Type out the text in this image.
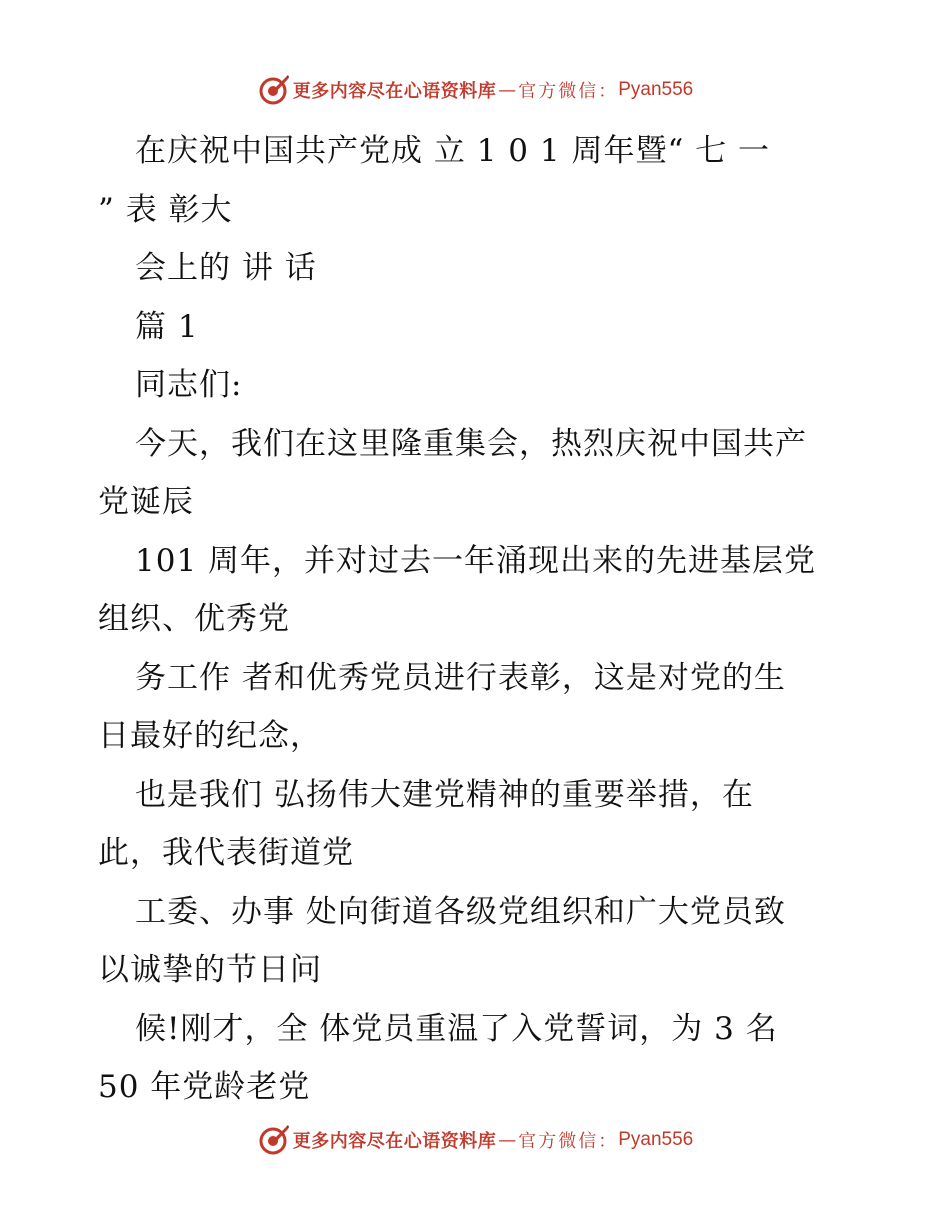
更多内容尽在心语资料库 — 官方微信： Pyan556
在庆祝中国共产党成 立 1 0 1 周年暨“ 七 一
” 表 彰大
会上的 讲 话
篇 1
同志们:
今天，我们在这里隆重集会，热烈庆祝中国共产
党诞辰
101 周年，并对过去一年涌现出来的先进基层党
组织、优秀党
务工作 者和优秀党员进行表彰，这是对党的生
日最好的纪念，
也是我们 弘扬伟大建党精神的重要举措，在
此，我代表街道党
工委、办事 处向街道各级党组织和广大党员致
以诚挚的节日问
候!刚才，全 体党员重温了入党誓词，为 3 名
50 年党龄老党
更多内容尽在心语资料库 — 官方微信： Pyan556
